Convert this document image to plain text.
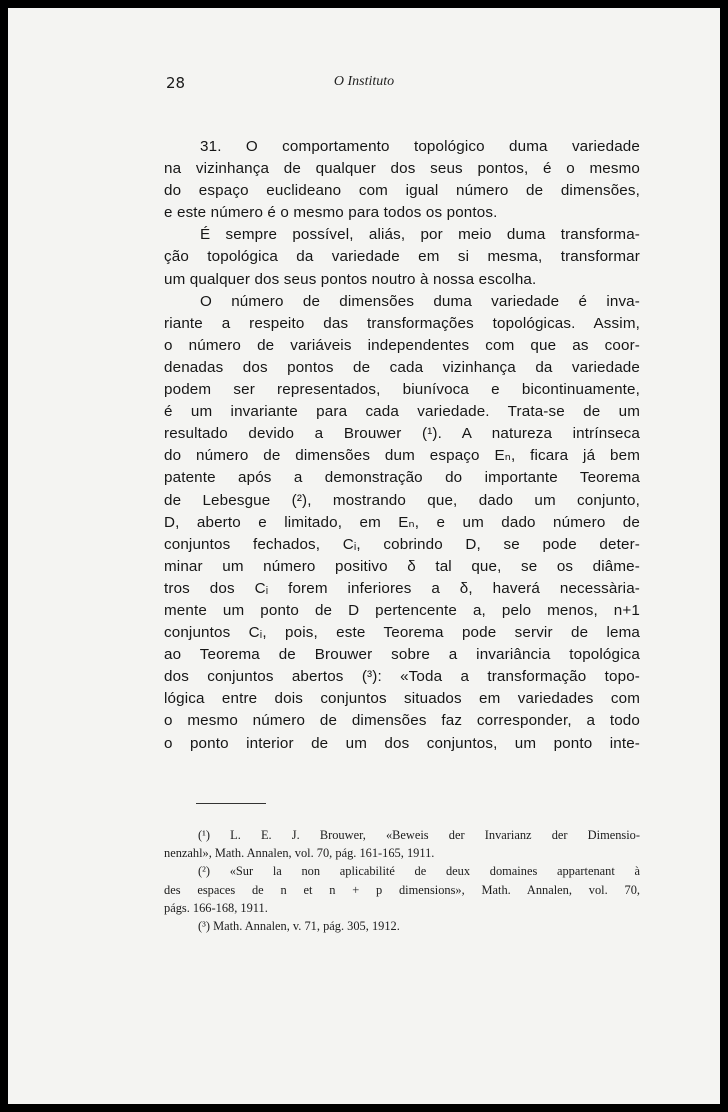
28	O Instituto
31. O comportamento topológico duma variedade
na vizinhança de qualquer dos seus pontos, é o mesmo
do espaço euclideano com igual número de dimensões,
e este número é o mesmo para todos os pontos.
É sempre possível, aliás, por meio duma transforma-
ção topológica da variedade em si mesma, transformar
um qualquer dos seus pontos noutro à nossa escolha.
O número de dimensões duma variedade é inva-
riante a respeito das transformações topológicas. Assim,
o número de variáveis independentes com que as coor-
denadas dos pontos de cada vizinhança da variedade
podem ser representados, biunívoca e bicontinuamente,
é um invariante para cada variedade. Trata-se de um
resultado devido a Brouwer (¹). A natureza intrínseca
do número de dimensões dum espaço Eₙ, ficara já bem
patente após a demonstração do importante Teorema
de Lebesgue (²), mostrando que, dado um conjunto,
D, aberto e limitado, em Eₙ, e um dado número de
conjuntos fechados, Cᵢ, cobrindo D, se pode deter-
minar um número positivo δ tal que, se os diâme-
tros dos Cᵢ forem inferiores a δ, haverá necessària-
mente um ponto de D pertencente a, pelo menos, n+1
conjuntos Cᵢ, pois, este Teorema pode servir de lema
ao Teorema de Brouwer sobre a invariância topológica
dos conjuntos abertos (³): «Toda a transformação topo-
lógica entre dois conjuntos situados em variedades com
o mesmo número de dimensões faz corresponder, a todo
o ponto interior de um dos conjuntos, um ponto inte-
(¹) L. E. J. Brouwer, «Beweis der Invarianz der Dimensio-
nenzahl», Math. Annalen, vol. 70, pág. 161-165, 1911.
(²) «Sur la non aplicabilité de deux domaines appartenant à
des espaces de n et n + p dimensions», Math. Annalen, vol. 70,
págs. 166-168, 1911.
(³) Math. Annalen, v. 71, pág. 305, 1912.
